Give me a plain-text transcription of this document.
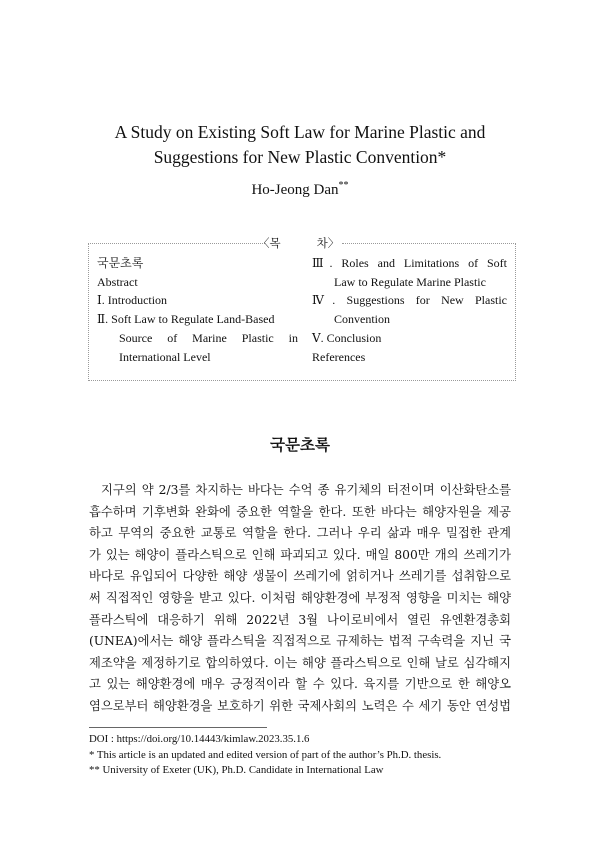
A Study on Existing Soft Law for Marine Plastic and
Suggestions for New Plastic Convention*
Ho-Jeong Dan**
〈목	차〉
국문초록
Abstract
Ⅰ. Introduction
Ⅱ. Soft Law to Regulate Land-Based
Source of Marine Plastic in
International Level
Ⅲ. Roles and Limitations of Soft
Law to Regulate Marine Plastic
Ⅳ. Suggestions for New Plastic
Convention
Ⅴ. Conclusion
References
국문초록
지구의 약 2/3를 차지하는 바다는 수억 종 유기체의 터전이며 이산화탄소를
흡수하며 기후변화 완화에 중요한 역할을 한다. 또한 바다는 해양자원을 제공
하고 무역의 중요한 교통로 역할을 한다. 그러나 우리 삶과 매우 밀접한 관계
가 있는 해양이 플라스틱으로 인해 파괴되고 있다. 매일 800만 개의 쓰레기가
바다로 유입되어 다양한 해양 생물이 쓰레기에 얽히거나 쓰레기를 섭취함으로
써 직접적인 영향을 받고 있다. 이처럼 해양환경에 부정적 영향을 미치는 해양
플라스틱에 대응하기 위해 2022년 3월 나이로비에서 열린 유엔환경총회
(UNEA)에서는 해양 플라스틱을 직접적으로 규제하는 법적 구속력을 지닌 국
제조약을 제정하기로 합의하였다. 이는 해양 플라스틱으로 인해 날로 심각해지
고 있는 해양환경에 매우 긍정적이라 할 수 있다. 육지를 기반으로 한 해양오
염으로부터 해양환경을 보호하기 위한 국제사회의 노력은 수 세기 동안 연성법
DOI : https://doi.org/10.14443/kimlaw.2023.35.1.6
* This article is an updated and edited version of part of the author’s Ph.D. thesis.
** University of Exeter (UK), Ph.D. Candidate in International Law
